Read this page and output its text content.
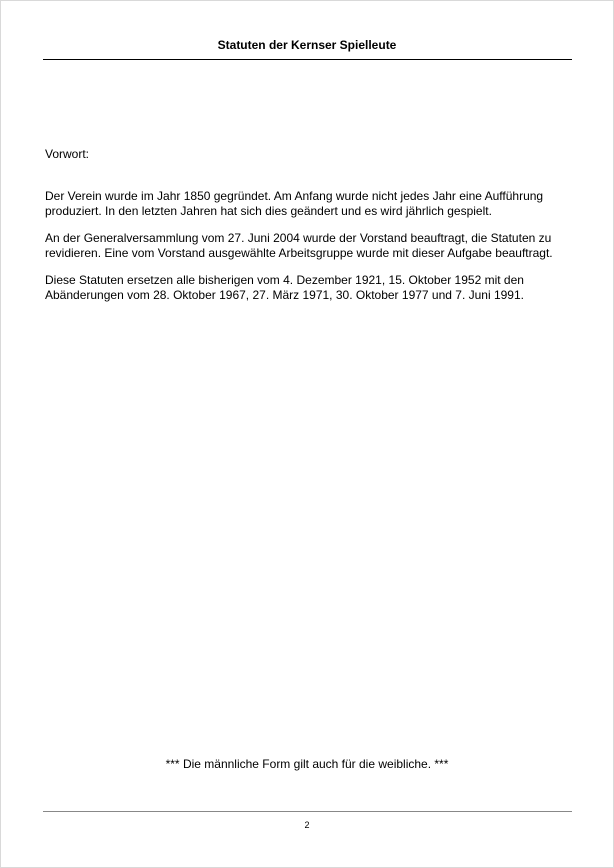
Statuten der Kernser Spielleute

Vorwort:

Der Verein wurde im Jahr 1850 gegründet. Am Anfang wurde nicht jedes Jahr eine Aufführung produziert. In den letzten Jahren hat sich dies geändert und es wird jährlich gespielt.

An der Generalversammlung vom 27. Juni 2004 wurde der Vorstand beauftragt, die Statuten zu revidieren. Eine vom Vorstand ausgewählte Arbeitsgruppe wurde mit dieser Aufgabe beauftragt.

Diese Statuten ersetzen alle bisherigen vom 4. Dezember 1921, 15. Oktober 1952 mit den Abänderungen vom 28. Oktober 1967, 27. März 1971, 30. Oktober 1977 und 7. Juni 1991.

*** Die männliche Form gilt auch für die weibliche. ***
2
